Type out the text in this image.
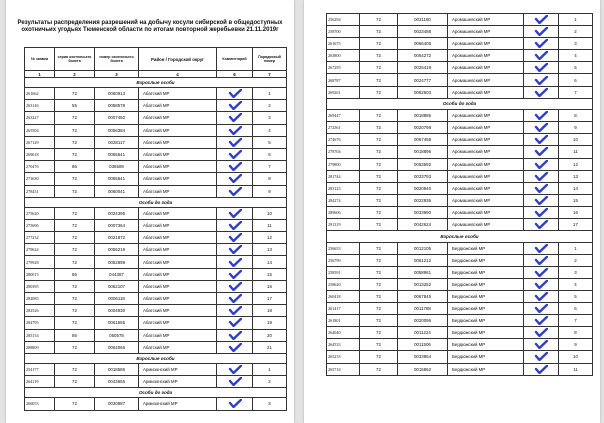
Результаты распределения разрешений на добычу косули сибирской в общедоступных охотничьих угодьях Тюменской области по итогам повторной жеребьевки 21.11.2019г
№ заявки	серия охотничьего билета	номер охотничьего билета	Район / Городской округ	Комментарий	Порядковый номер
1	2	3	4	6	7
Взрослые особи					
261662	72	0060913	Абатский МР		1
263146	55	0058578	Абатский МР		2
263227	72	0007450	Абатский МР		3
265504	72	0056384	Абатский МР		4
267129	72	0028117	Абатский МР		5
269618	72	0065541	Абатский МР		6
270476	86	036589	Абатский МР		7
273630	72	0065541	Абатский МР		8
278431	72	0060041	Абатский МР		9
Особи до года					
275620	72	0024395	Абатский МР		10
275696	72	0007364	Абатский МР		11
277232	72	0021872	Абатский МР		12
279624	72	0056219	Абатский МР		13
279928	72	0052898	Абатский МР		14
280015	86	044387	Абатский МР		15
280395	72	0062107	Абатский МР		16
282085	72	0006118	Абатский МР		17
282526	72	0004930	Абатский МР		18
284795	72	0061555	Абатский МР		19
285154	86	050578	Абатский МР		20
288809	72	0064066	Абатский МР		21
Взрослые особи					
254177	72	0018586	Армизонский МР		1
264119	72	0043655	Армизонский МР		2
Особи до года					
266053	72	0030887	Армизонский МР		3
256294	72	0031180	Аромашевский МР		1
258700	72	0023488	Аромашевский МР		2
261675	72	0066405	Аромашевский МР		3
263800	72	0064272	Аромашевский МР		4
267295	72	0025419	Аромашевский МР		5
268787	72	0024777	Аромашевский МР		6
269261	72	0062503	Аромашевский МР		7
Особи до года					
269447	72	0018886	Аромашевский МР		8
272561	72	0020798	Аромашевский МР		9
274676	72	0067458	Аромашевский МР		10
278704	72	0018896	Аромашевский МР		11
279800	72	0053592	Аромашевский МР		12
281744	72	0033793	Аромашевский МР		13
283123	72	0020940	Аромашевский МР		14
284274	72	0022936	Аромашевский МР		15
289606	72	0033990	Аромашевский МР		16
291319	72	0042624	Аромашевский МР		17
Взрослые особи					
256653	72	0012105	Бердюжский МР		1
256799	72	0061212	Бердюжский МР		2
258591	72	0058961	Бердюжский МР		3
258620	72	0013252	Бердюжский МР		4
260418	72	0067845	Бердюжский МР		5
261417	72	0011788	Бердюжский МР		6
261801	72	0020096	Бердюжский МР		7
264040	72	0011224	Бердюжский МР		8
264533	72	0011506	Бердюжский МР		9
265233	72	0033954	Бердюжский МР		10
265716	72	0015862	Бердюжский МР		11
